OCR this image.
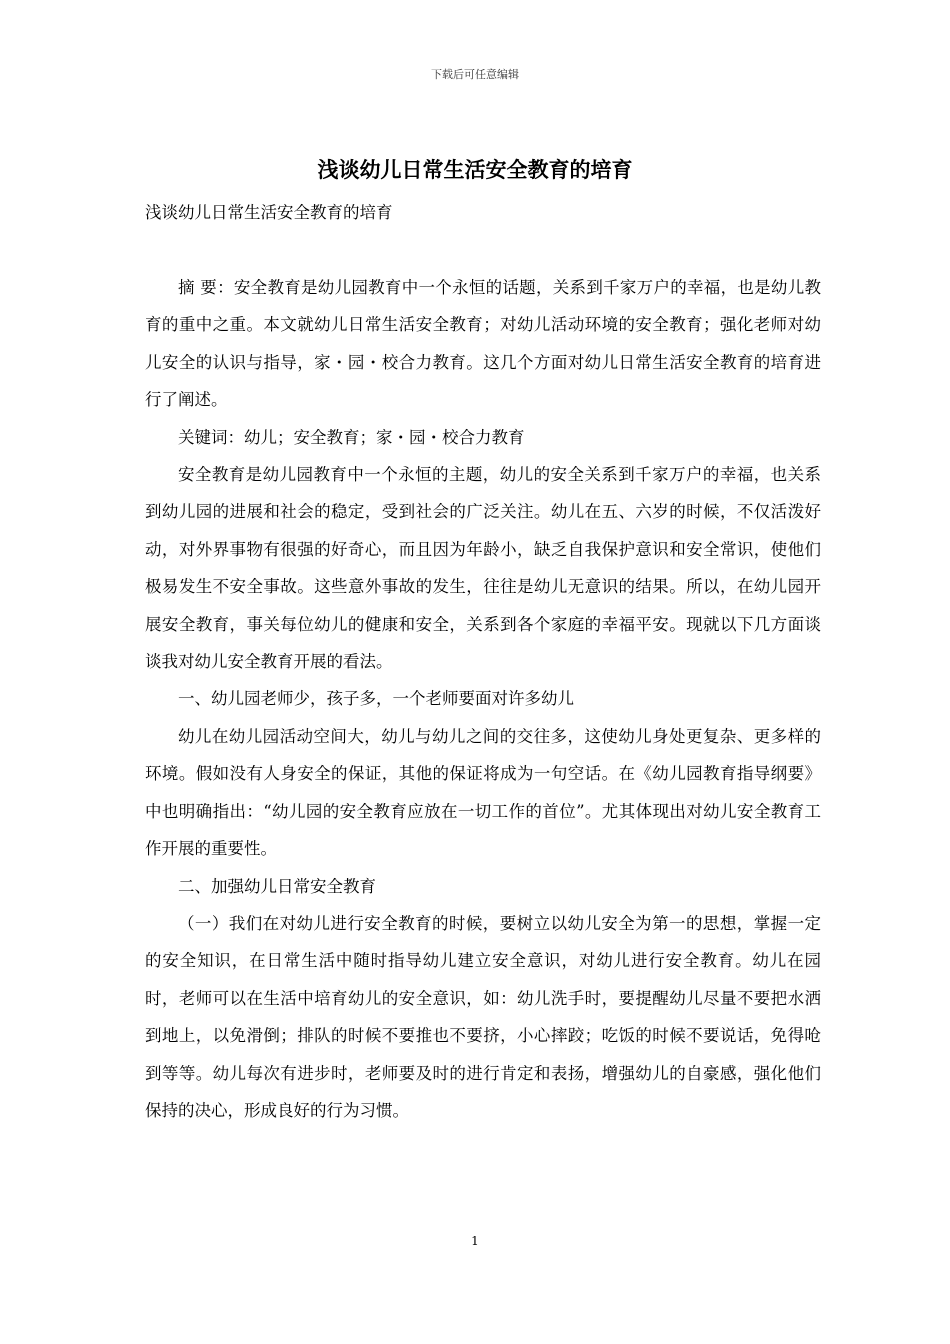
下载后可任意编辑
浅谈幼儿日常生活安全教育的培育
浅谈幼儿日常生活安全教育的培育

摘 要：安全教育是幼儿园教育中一个永恒的话题，关系到千家万户的幸福，也是幼儿教育的重中之重。本文就幼儿日常生活安全教育；对幼儿活动环境的安全教育；强化老师对幼儿安全的认识与指导，家・园・校合力教育。这几个方面对幼儿日常生活安全教育的培育进行了阐述。

关键词：幼儿；安全教育；家・园・校合力教育

安全教育是幼儿园教育中一个永恒的主题，幼儿的安全关系到千家万户的幸福，也关系到幼儿园的进展和社会的稳定，受到社会的广泛关注。幼儿在五、六岁的时候，不仅活泼好动，对外界事物有很强的好奇心，而且因为年龄小，缺乏自我保护意识和安全常识，使他们极易发生不安全事故。这些意外事故的发生，往往是幼儿无意识的结果。所以，在幼儿园开展安全教育，事关每位幼儿的健康和安全，关系到各个家庭的幸福平安。现就以下几方面谈谈我对幼儿安全教育开展的看法。

一、幼儿园老师少，孩子多，一个老师要面对许多幼儿

幼儿在幼儿园活动空间大，幼儿与幼儿之间的交往多，这使幼儿身处更复杂、更多样的环境。假如没有人身安全的保证，其他的保证将成为一句空话。在《幼儿园教育指导纲要》中也明确指出：“幼儿园的安全教育应放在一切工作的首位”。尤其体现出对幼儿安全教育工作开展的重要性。

二、加强幼儿日常安全教育

（一）我们在对幼儿进行安全教育的时候，要树立以幼儿安全为第一的思想，掌握一定的安全知识，在日常生活中随时指导幼儿建立安全意识，对幼儿进行安全教育。幼儿在园时，老师可以在生活中培育幼儿的安全意识，如：幼儿洗手时，要提醒幼儿尽量不要把水洒到地上，以免滑倒；排队的时候不要推也不要挤，小心摔跤；吃饭的时候不要说话，免得呛到等等。幼儿每次有进步时，老师要及时的进行肯定和表扬，增强幼儿的自豪感，强化他们保持的决心，形成良好的行为习惯。

1
